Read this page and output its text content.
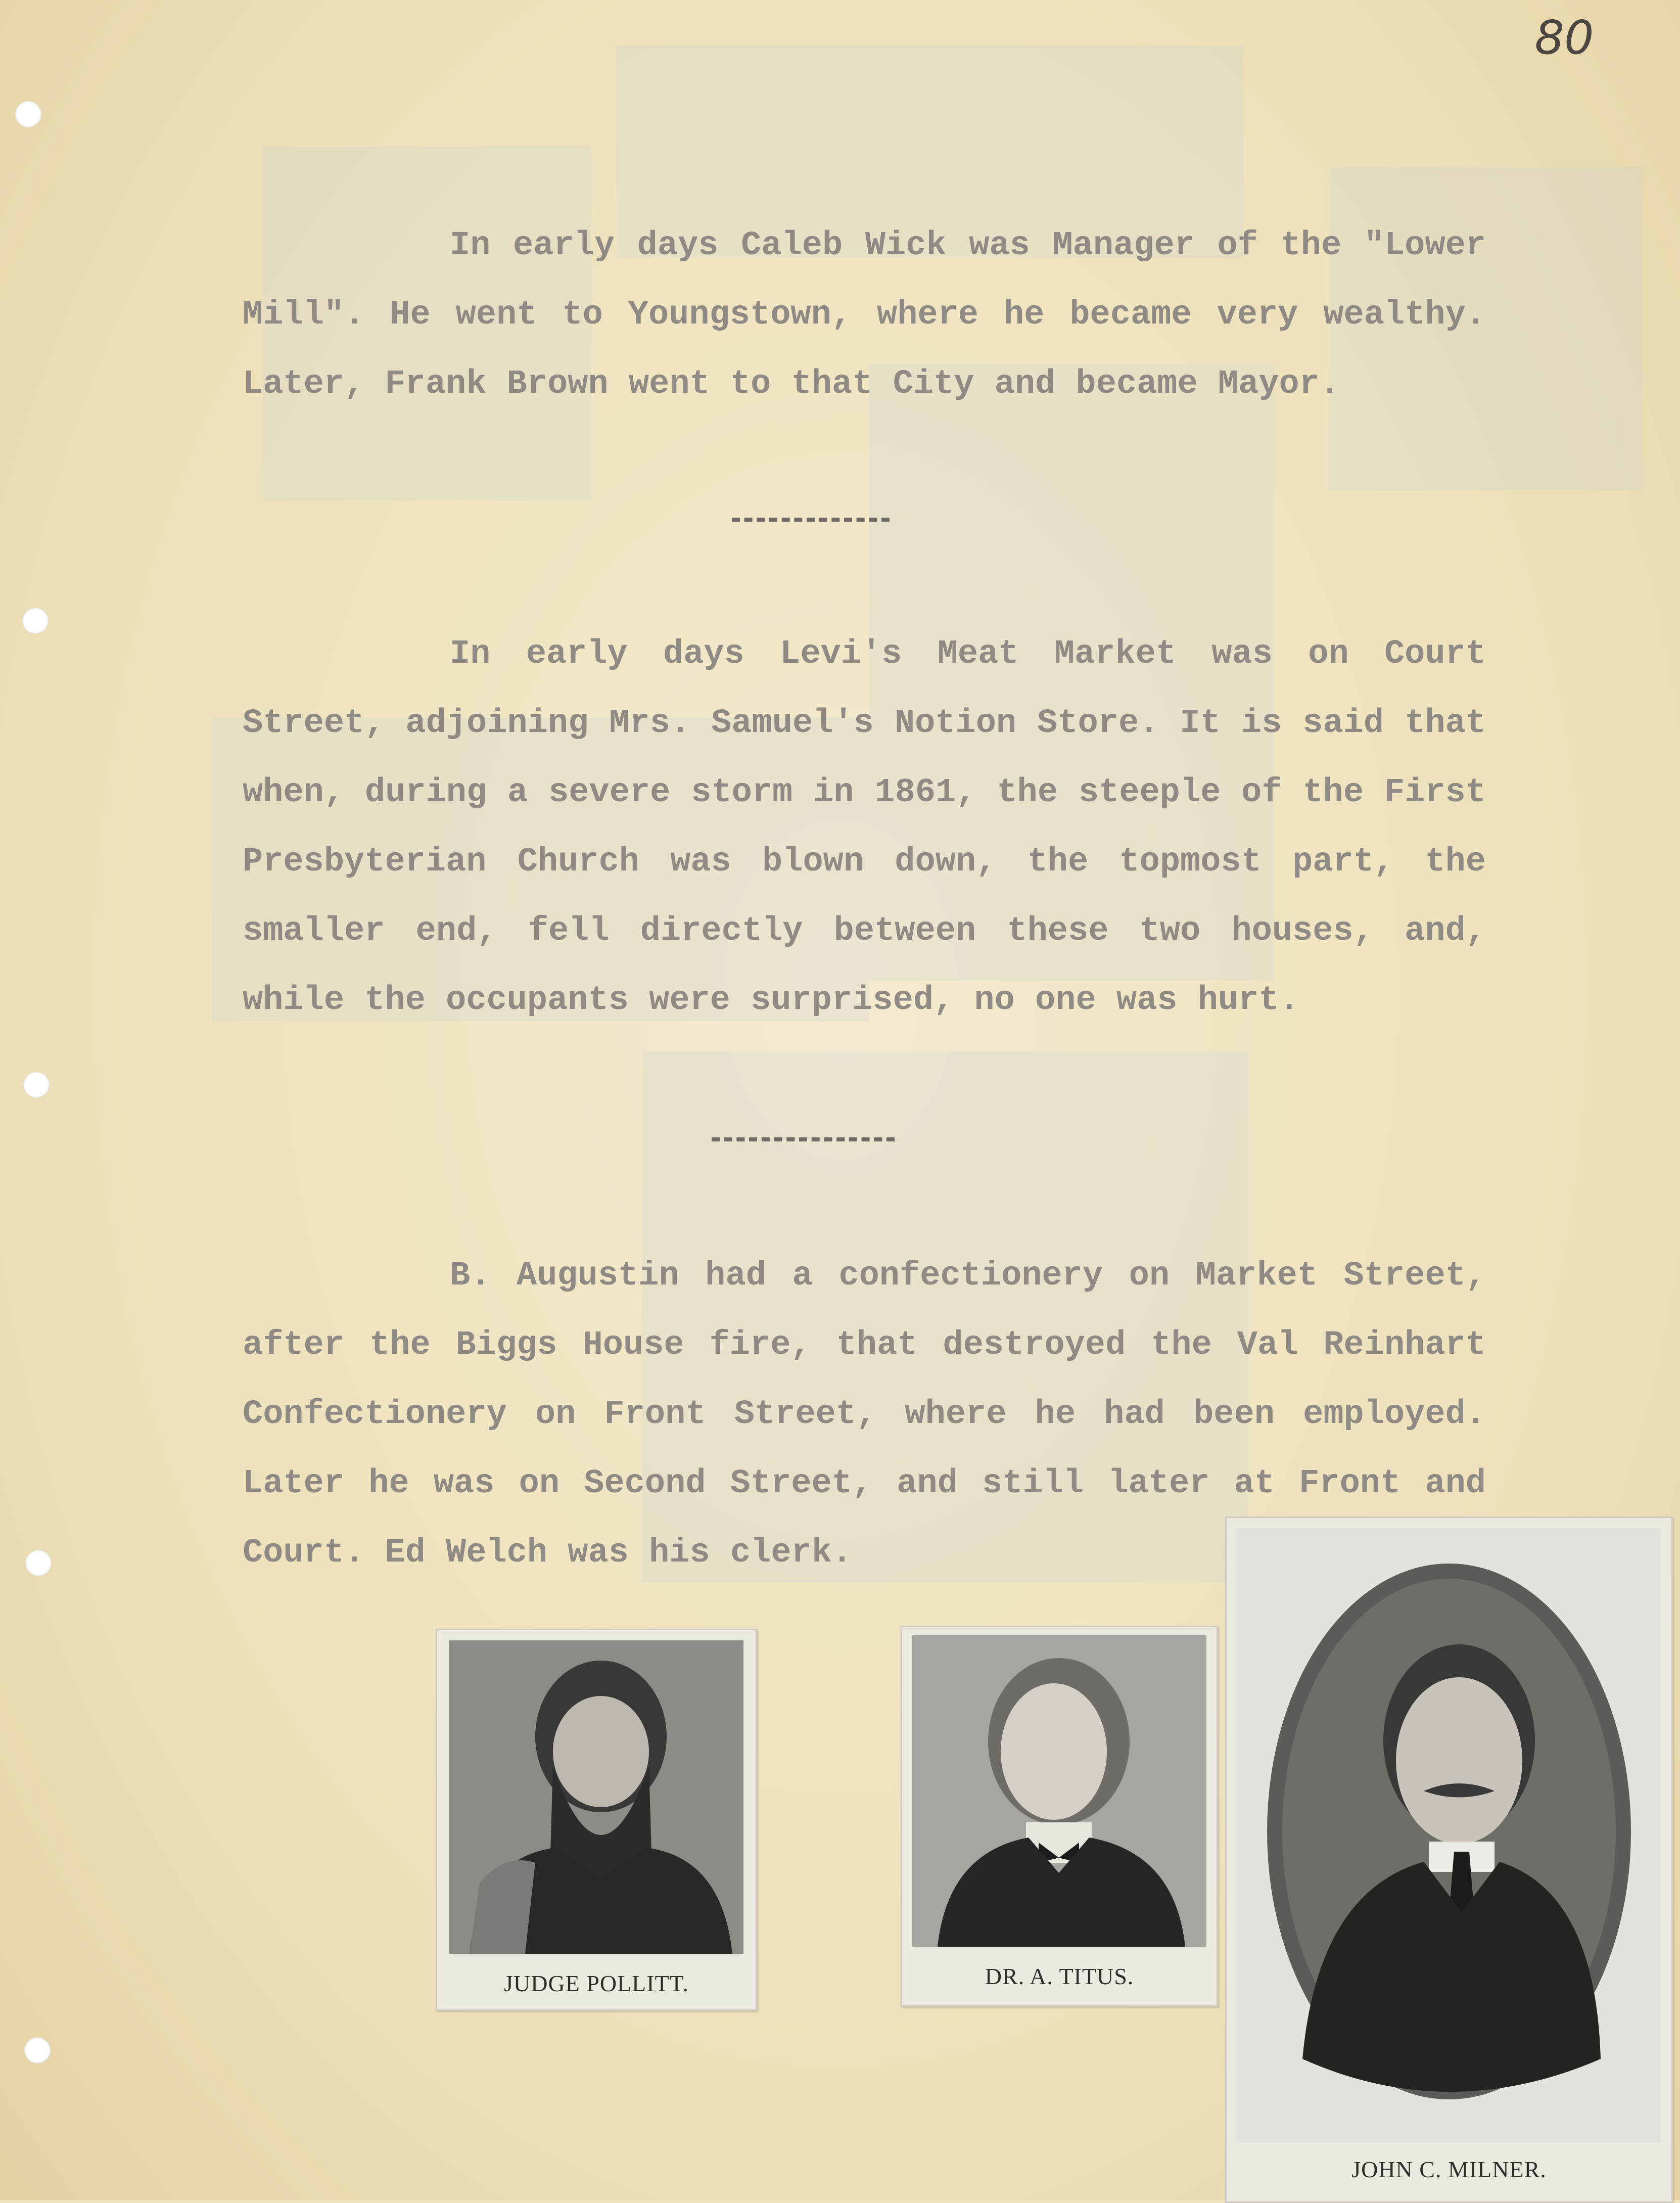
80

In early days Caleb Wick was Manager of the "Lower Mill". He went to Youngstown, where he became very wealthy. Later, Frank Brown went to that City and became Mayor.

In early days Levi's Meat Market was on Court Street, adjoining Mrs. Samuel's Notion Store. It is said that when, during a severe storm in 1861, the steeple of the First Presbyterian Church was blown down, the topmost part, the smaller end, fell directly between these two houses, and, while the occupants were surprised, no one was hurt.

B. Augustin had a confectionery on Market Street, after the Biggs House fire, that destroyed the Val Reinhart Confectionery on Front Street, where he had been employed. Later he was on Second Street, and still later at Front and Court. Ed Welch was his clerk.

JUDGE POLLITT.	DR. A. TITUS.
JOHN C. MILNER.
